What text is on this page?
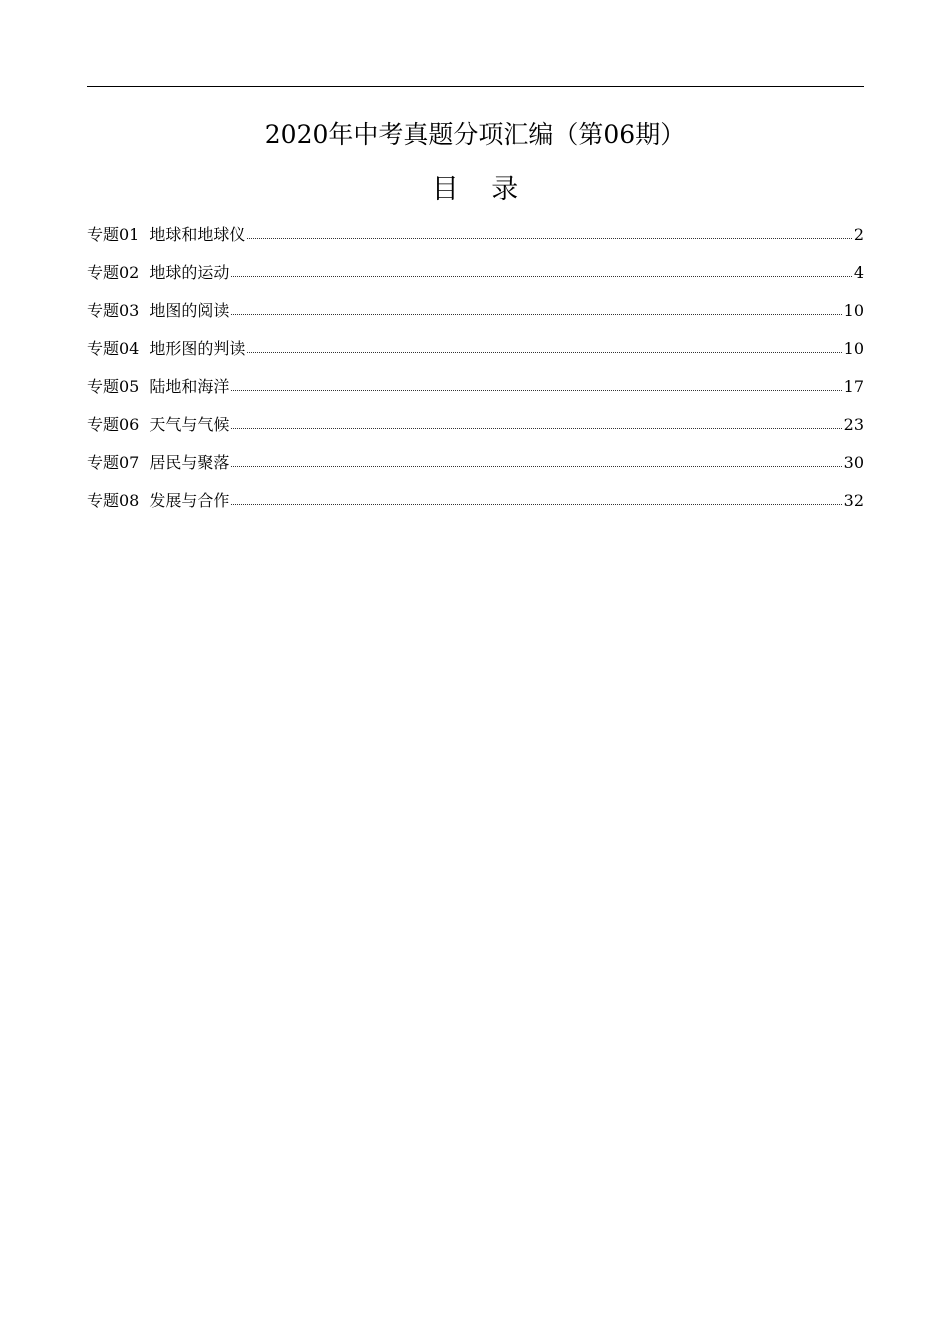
2020年中考真题分项汇编（第06期）
目 录
专题01 地球和地球仪	2
专题02 地球的运动	4
专题03 地图的阅读	10
专题04 地形图的判读	10
专题05 陆地和海洋	17
专题06 天气与气候	23
专题07 居民与聚落	30
专题08 发展与合作	32
